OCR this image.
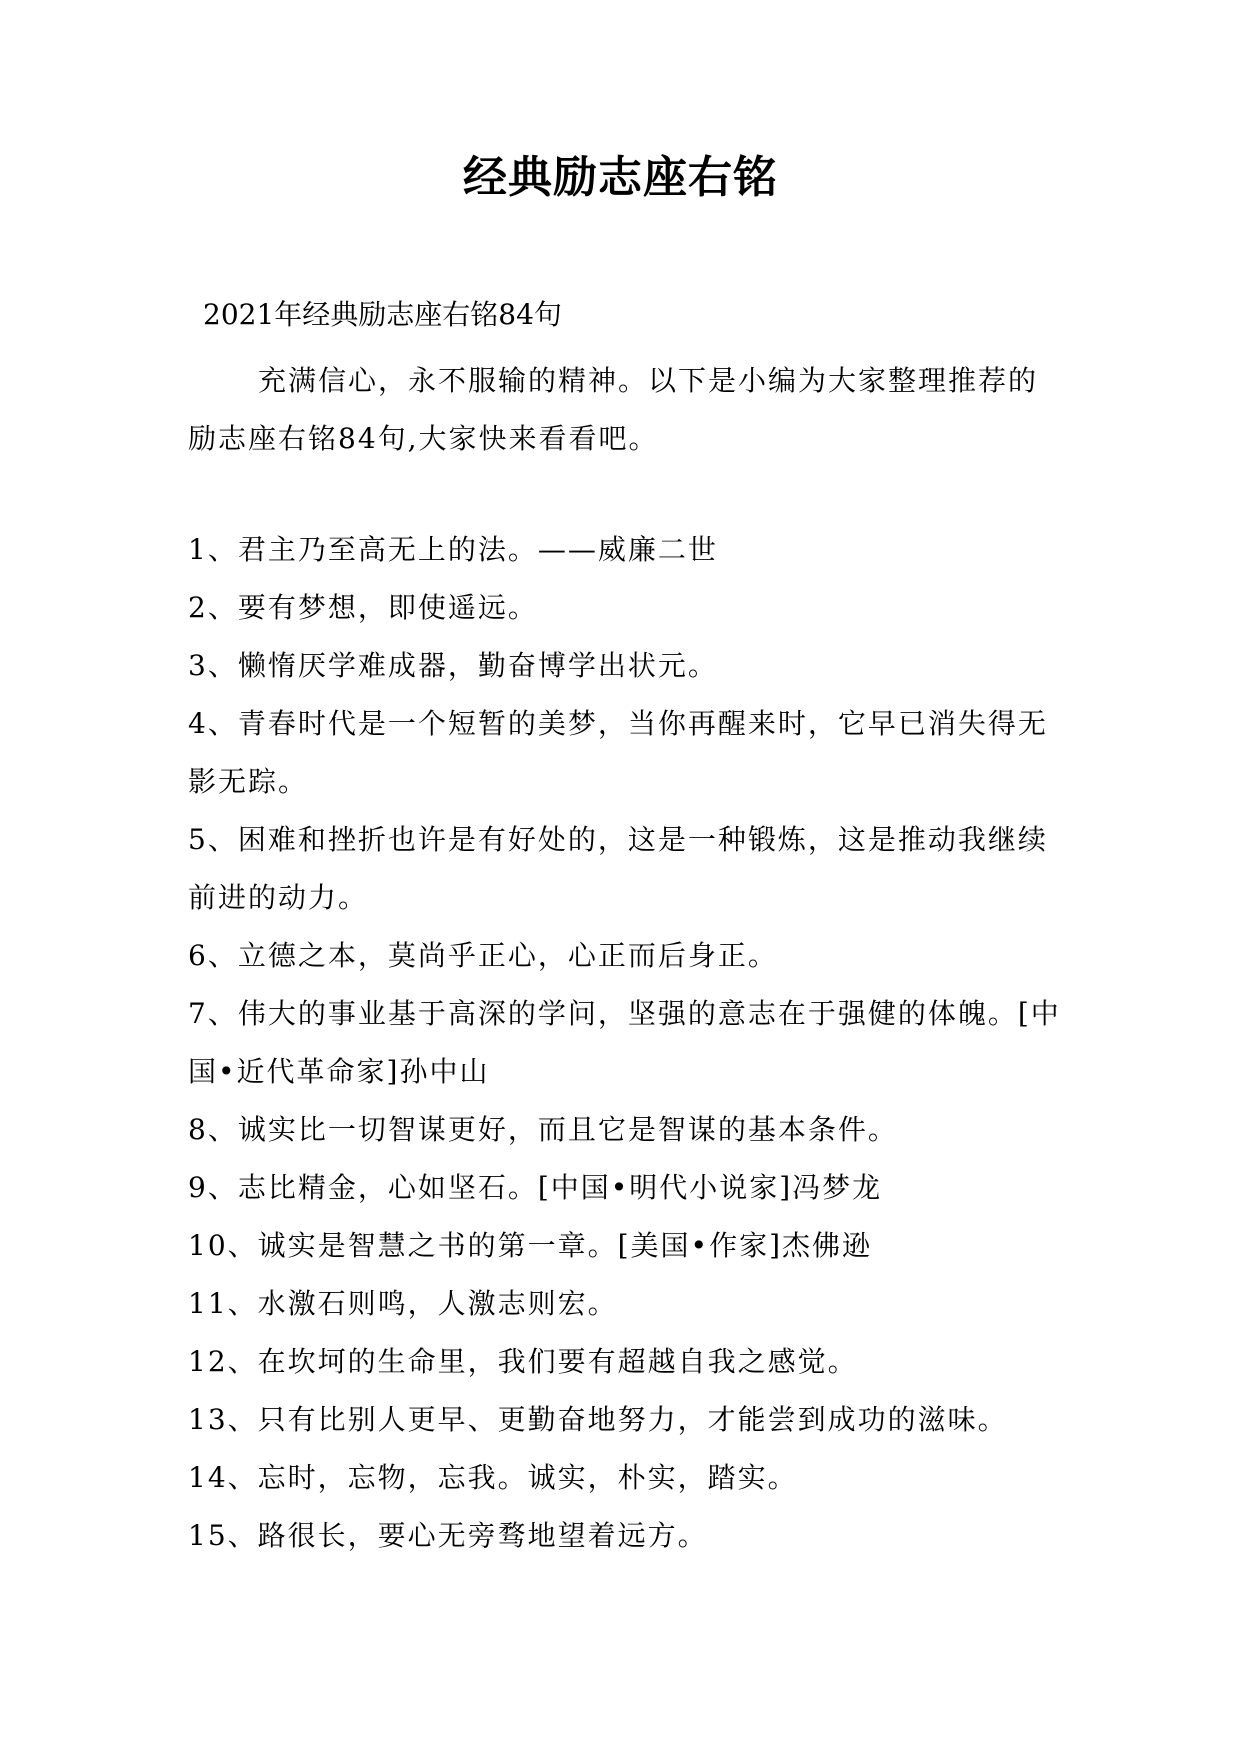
经典励志座右铭
2021年经典励志座右铭84句
充满信心，永不服输的精神。以下是小编为大家整理推荐的励志座右铭84句,大家快来看看吧。
1、君主乃至高无上的法。——威廉二世
2、要有梦想，即使遥远。
3、懒惰厌学难成器，勤奋博学出状元。
4、青春时代是一个短暂的美梦，当你再醒来时，它早已消失得无影无踪。
5、困难和挫折也许是有好处的，这是一种锻炼，这是推动我继续前进的动力。
6、立德之本，莫尚乎正心，心正而后身正。
7、伟大的事业基于高深的学问，坚强的意志在于强健的体魄。[中国•近代革命家]孙中山
8、诚实比一切智谋更好，而且它是智谋的基本条件。
9、志比精金，心如坚石。[中国•明代小说家]冯梦龙
10、诚实是智慧之书的第一章。[美国•作家]杰佛逊
11、水激石则鸣，人激志则宏。
12、在坎坷的生命里，我们要有超越自我之感觉。
13、只有比别人更早、更勤奋地努力，才能尝到成功的滋味。
14、忘时，忘物，忘我。诚实，朴实，踏实。
15、路很长，要心无旁骛地望着远方。
